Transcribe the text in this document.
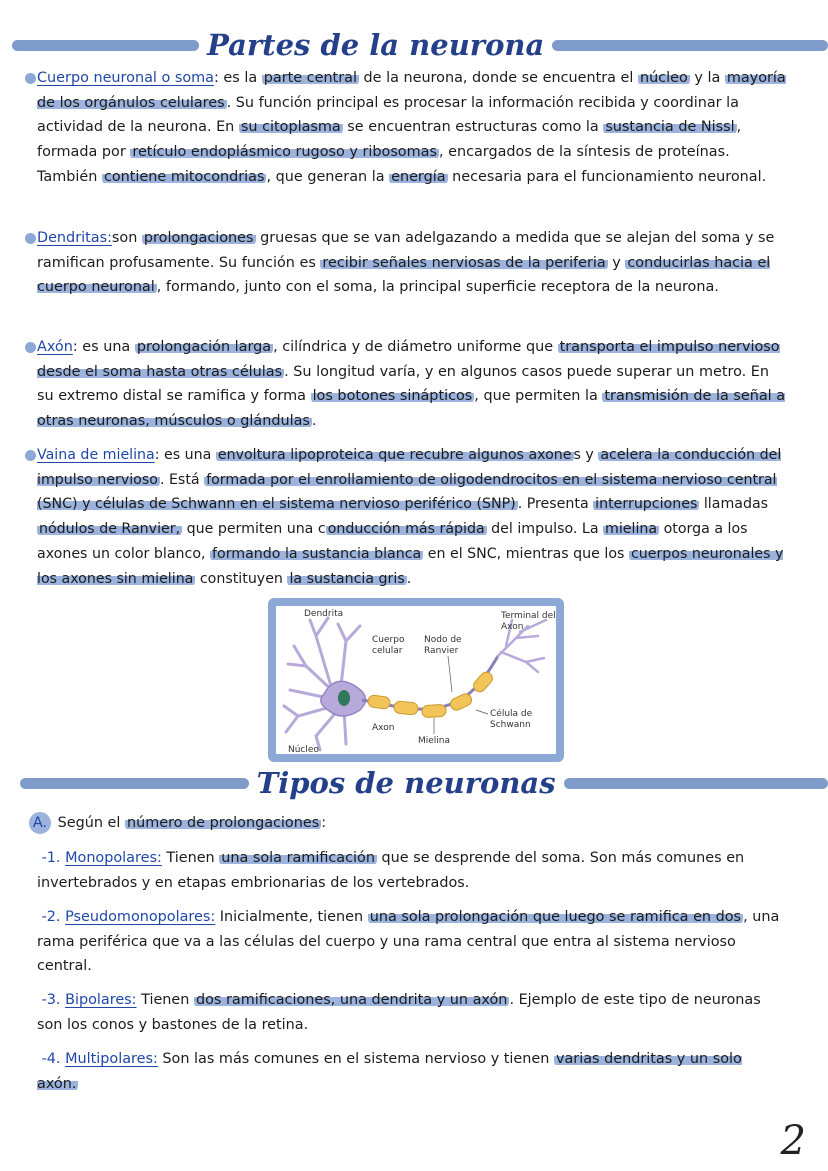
Partes de la neurona

Cuerpo neuronal o soma: es la parte central de la neurona, donde se encuentra el núcleo y la mayoría de los orgánulos celulares . Su función principal es procesar la información recibida y coordinar la actividad de la neurona. En su citoplasma se encuentran estructuras como la sustancia de Nissl , formada por retículo endoplásmico rugoso y ribosomas , encargados de la síntesis de proteínas. También contiene mitocondrias , que generan la energía necesaria para el funcionamiento neuronal.

Dendritas:son prolongaciones gruesas que se van adelgazando a medida que se alejan del soma y se ramifican profusamente. Su función es recibir señales nerviosas de la periferia y conducirlas hacia el cuerpo neuronal , formando, junto con el soma, la principal superficie receptora de la neurona.

Axón: es una prolongación larga , cilíndrica y de diámetro uniforme que transporta el impulso nervioso desde el soma hasta otras células . Su longitud varía, y en algunos casos puede superar un metro. En su extremo distal se ramifica y forma los botones sinápticos , que permiten la transmisión de la señal a otras neuronas, músculos o glándulas .

Vaina de mielina: es una envoltura lipoproteica que recubre algunos axone s y acelera la conducción del impulso nervioso . Está formada por el enrollamiento de oligodendrocitos en el sistema nervioso central (SNC) y células de Schwann en el sistema nervioso periférico (SNP) . Presenta interrupciones llamadas nódulos de Ranvier, que permiten una c onducción más rápida del impulso. La mielina otorga a los axones un color blanco, formando la sustancia blanca en el SNC, mientras que los cuerpos neuronales y los axones sin mielina constituyen la sustancia gris .

Dendrita
Cuerpo
celular
Nodo de
Ranvier
Terminal del
Axon
Axon
Célula de
Schwann
Mielina
Núcleo
Tipos de neuronas

A. Según el número de prolongaciones :

-1. Monopolares: Tienen una sola ramificación que se desprende del soma. Son más comunes en invertebrados y en etapas embrionarias de los vertebrados.

-2. Pseudomonopolares: Inicialmente, tienen una sola prolongación que luego se ramifica en dos , una rama periférica que va a las células del cuerpo y una rama central que entra al sistema nervioso central.

-3. Bipolares: Tienen dos ramificaciones, una dendrita y un axón . Ejemplo de este tipo de neuronas son los conos y bastones de la retina.

-4. Multipolares: Son las más comunes en el sistema nervioso y tienen varias dendritas y un solo axón.

2
